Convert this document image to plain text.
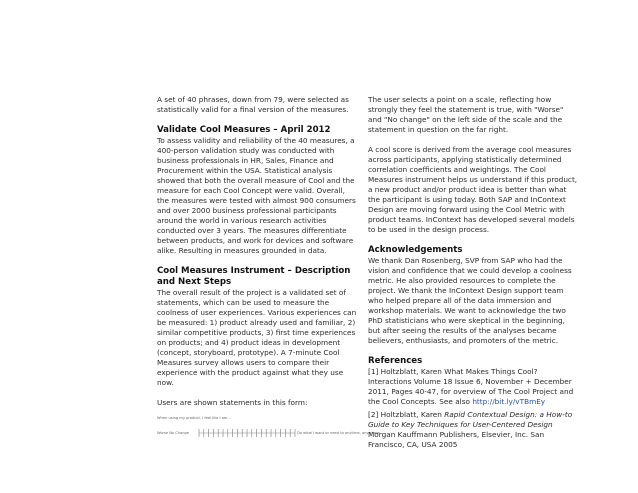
A set of 40 phrases, down from 79, were selected as statistically valid for a final version of the measures.

Validate Cool Measures – April 2012

To assess validity and reliability of the 40 measures, a 400-person validation study was conducted with business professionals in HR, Sales, Finance and Procurement within the USA. Statistical analysis showed that both the overall measure of Cool and the measure for each Cool Concept were valid. Overall, the measures were tested with almost 900 consumers and over 2000 business professional participants around the world in various research activities conducted over 3 years. The measures differentiate between products, and work for devices and software alike. Resulting in measures grounded in data.

Cool Measures Instrument – Description and Next Steps

The overall result of the project is a validated set of statements, which can be used to measure the coolness of user experiences. Various experiences can be measured: 1) product already used and familiar, 2) similar competitive products, 3) first time experiences on products; and 4) product ideas in development (concept, storyboard, prototype). A 7-minute Cool Measures survey allows users to compare their experience with the product against what they use now.

Users are shown statements in this form:

When using my product, I feel like I am...
Worse No Change	Do what I want or need to anytime, anywhere

The user selects a point on a scale, reflecting how strongly they feel the statement is true, with "Worse" and "No change" on the left side of the scale and the statement in question on the far right.

A cool score is derived from the average cool measures across participants, applying statistically determined correlation coefficients and weightings. The Cool Measures instrument helps us understand if this product, a new product and/or product idea is better than what the participant is using today. Both SAP and InContext Design are moving forward using the Cool Metric with product teams. InContext has developed several models to be used in the design process.

Acknowledgements

We thank Dan Rosenberg, SVP from SAP who had the vision and confidence that we could develop a coolness metric. He also provided resources to complete the project. We thank the InContext Design support team who helped prepare all of the data immersion and workshop materials. We want to acknowledge the two PhD statisticians who were skeptical in the beginning, but after seeing the results of the analyses became believers, enthusiasts, and promoters of the metric.

References

[1] Holtzblatt, Karen What Makes Things Cool? Interactions Volume 18 Issue 6, November + December 2011, Pages 40-47, for overview of The Cool Project and the Cool Concepts. See also http://bit.ly/vTBmEy

[2] Holtzblatt, Karen Rapid Contextual Design: a How-to Guide to Key Techniques for User-Centered Design Morgan Kauffmann Publishers, Elsevier, Inc. San Francisco, CA, USA 2005
